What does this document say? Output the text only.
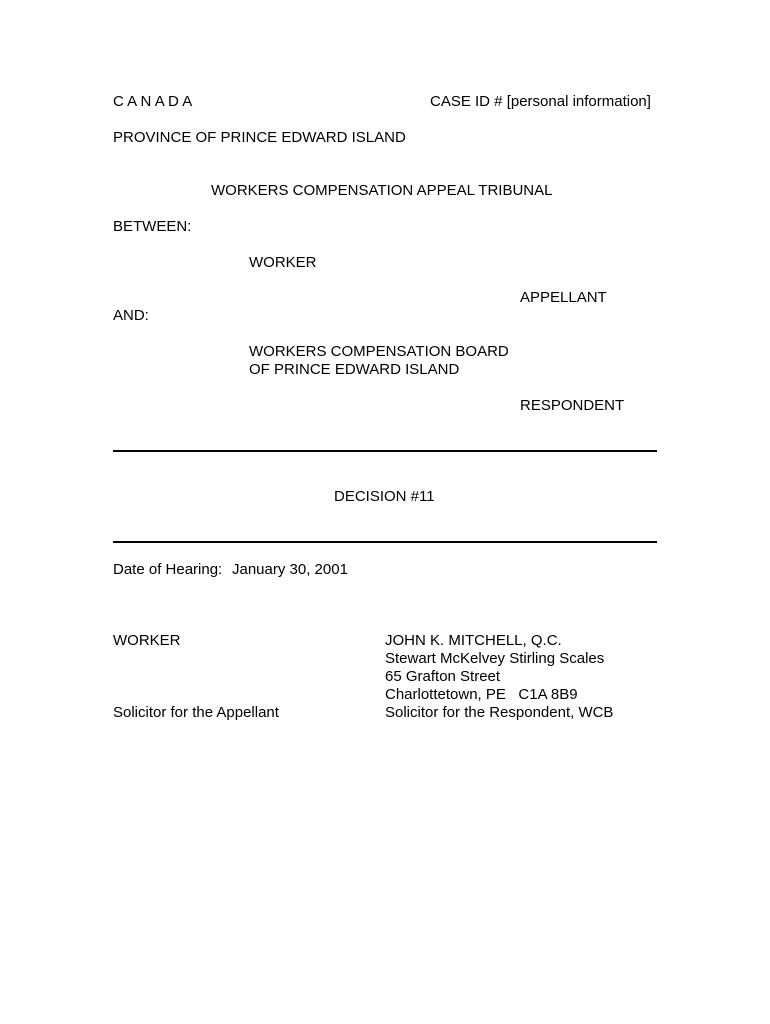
C A N A D A	CASE ID # [personal information]
PROVINCE OF PRINCE EDWARD ISLAND
WORKERS COMPENSATION APPEAL TRIBUNAL
BETWEEN:
WORKER
APPELLANT
AND:
WORKERS COMPENSATION BOARD
OF PRINCE EDWARD ISLAND
RESPONDENT
DECISION #11
Date of Hearing: January 30, 2001
WORKER
Solicitor for the Appellant
JOHN K. MITCHELL, Q.C.
Stewart McKelvey Stirling Scales
65 Grafton Street
Charlottetown, PE   C1A 8B9
Solicitor for the Respondent, WCB
